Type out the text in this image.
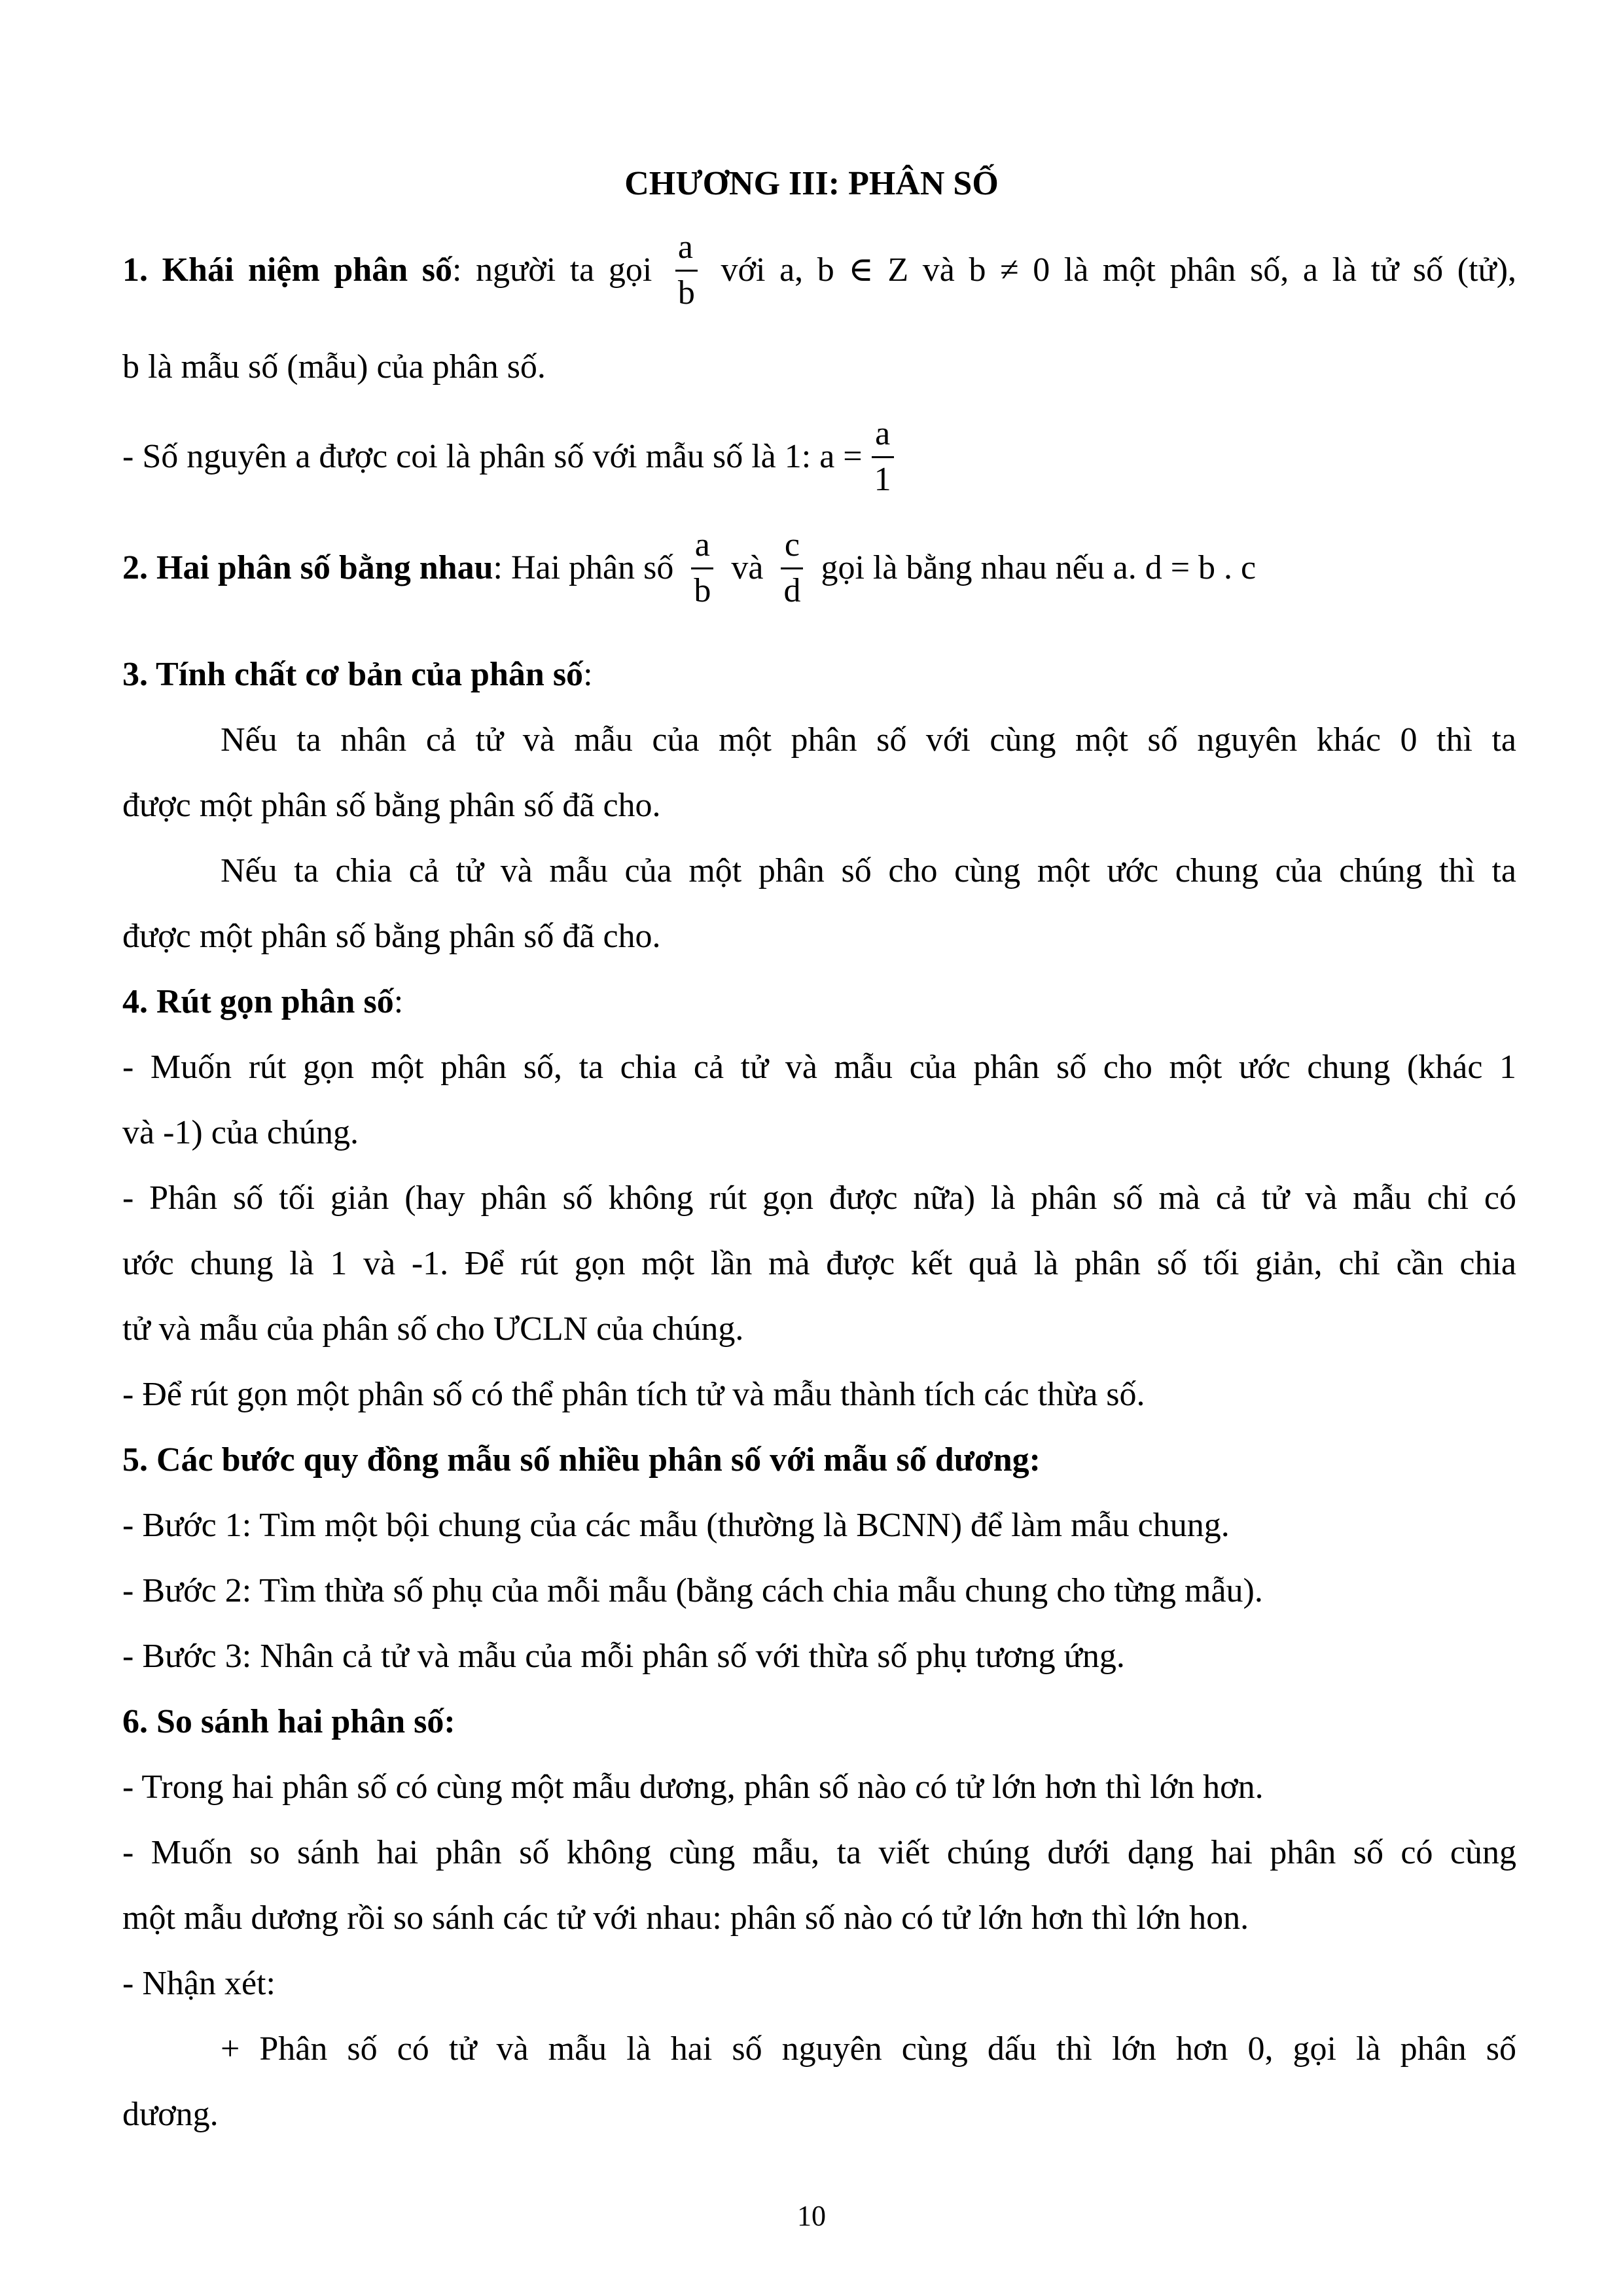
CHƯƠNG III: PHÂN SỐ
1. Khái niệm phân số: người ta gọi $\frac{a}{b}$ với a, b ∈ Z và b ≠ 0 là một phân số, a là tử số (tử),
b là mẫu số (mẫu) của phân số.
- Số nguyên a được coi là phân số với mẫu số là 1: $a = \frac{a}{1}$
2. Hai phân số bằng nhau: Hai phân số $\frac{a}{b}$ và $\frac{c}{d}$ gọi là bằng nhau nếu a. d = b . c
3. Tính chất cơ bản của phân số:
Nếu ta nhân cả tử và mẫu của một phân số với cùng một số nguyên khác 0 thì ta
được một phân số bằng phân số đã cho.
Nếu ta chia cả tử và mẫu của một phân số cho cùng một ước chung của chúng thì ta
được một phân số bằng phân số đã cho.
4. Rút gọn phân số:
- Muốn rút gọn một phân số, ta chia cả tử và mẫu của phân số cho một ước chung (khác 1
và -1) của chúng.
- Phân số tối giản (hay phân số không rút gọn được nữa) là phân số mà cả tử và mẫu chỉ có
ước chung là 1 và -1. Để rút gọn một lần mà được kết quả là phân số tối giản, chỉ cần chia
tử và mẫu của phân số cho ƯCLN của chúng.
- Để rút gọn một phân số có thể phân tích tử và mẫu thành tích các thừa số.
5. Các bước quy đồng mẫu số nhiều phân số với mẫu số dương:
- Bước 1: Tìm một bội chung của các mẫu (thường là BCNN) để làm mẫu chung.
- Bước 2: Tìm thừa số phụ của mỗi mẫu (bằng cách chia mẫu chung cho từng mẫu).
- Bước 3: Nhân cả tử và mẫu của mỗi phân số với thừa số phụ tương ứng.
6. So sánh hai phân số:
- Trong hai phân số có cùng một mẫu dương, phân số nào có tử lớn hơn thì lớn hơn.
- Muốn so sánh hai phân số không cùng mẫu, ta viết chúng dưới dạng hai phân số có cùng
một mẫu dương rồi so sánh các tử với nhau: phân số nào có tử lớn hơn thì lớn hon.
- Nhận xét:
+ Phân số có tử và mẫu là hai số nguyên cùng dấu thì lớn hơn 0, gọi là phân số
dương.
10
